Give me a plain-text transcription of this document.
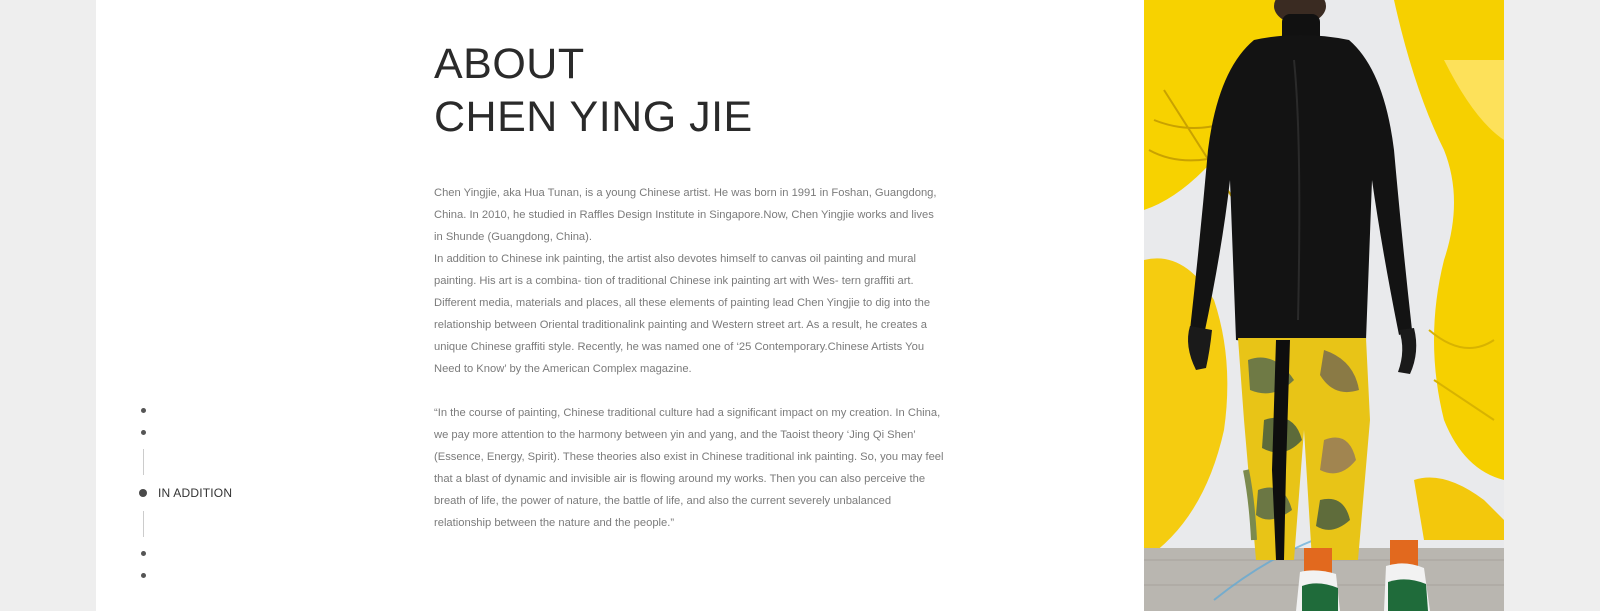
ABOUT
CHEN YING JIE

Chen Yingjie, aka Hua Tunan, is a young Chinese artist. He was born in 1991 in Foshan, Guangdong, China. In 2010, he studied in Raffles Design Institute in Singapore.Now, Chen Yingjie works and lives in Shunde (Guangdong, China).

In addition to Chinese ink painting, the artist also devotes himself to canvas oil painting and mural painting. His art is a combina- tion of traditional Chinese ink painting art with Wes- tern graffiti art. Different media, materials and places, all these elements of painting lead Chen Yingjie to dig into the relationship between Oriental traditionalink painting and Western street art. As a result, he creates a unique Chinese graffiti style. Recently, he was named one of ‘25 Contemporary.Chinese Artists You Need to Know’ by the American Complex magazine.

“In the course of painting, Chinese traditional culture had a significant impact on my creation. In China, we pay more attention to the harmony between yin and yang, and the Taoist theory ‘Jing Qi Shen’ (Essence, Energy, Spirit). These theories also exist in Chinese traditional ink painting. So, you may feel that a blast of dynamic and invisible air is flowing around my works. Then you can also perceive the breath of life, the power of nature, the battle of life, and also the current severely unbalanced relationship between the nature and the people.”

IN ADDITION
